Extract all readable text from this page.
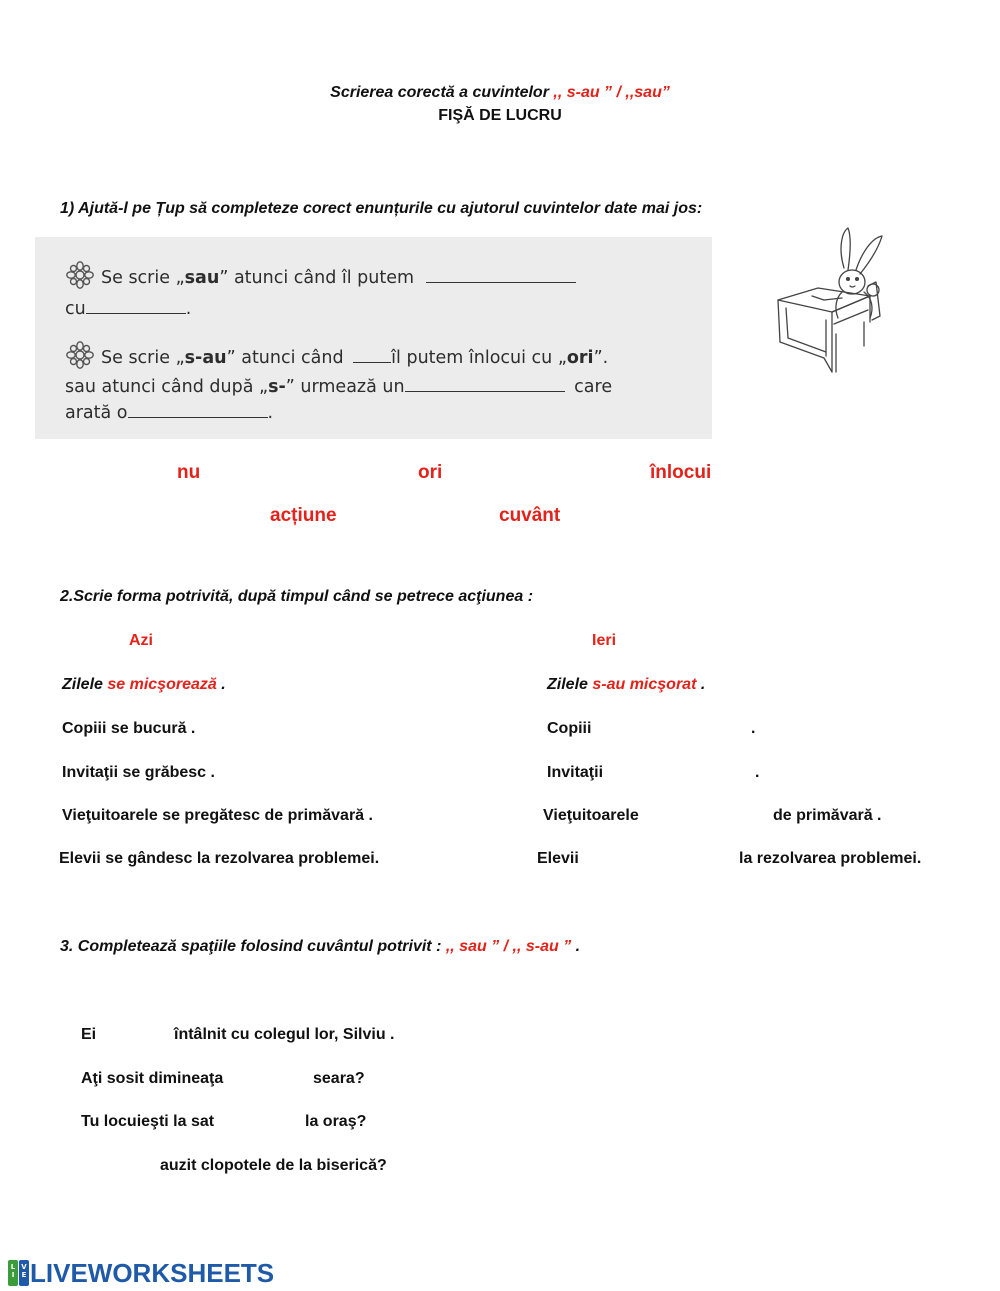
Scrierea corectă a cuvintelor ,, s-au ” / ,,sau”
FIŞĂ DE LUCRU
1) Ajută-l pe Țup să completeze corect enunțurile cu ajutorul cuvintelor date mai jos:
Se scrie „sau” atunci când îl putem
cu	.
Se scrie „s-au” atunci când	îl putem înlocui cu „ori”.
sau atunci când după „s-” urmează un	care
arată o	.
nu	ori	înlocui
acțiune	cuvânt
2.Scrie forma potrivită, după timpul când se petrece acţiunea :
Azi	Ieri
Zilele se micşorează .	Zilele s-au micşorat .
Copiii se bucură .	Copiii	.
Invitaţii se grăbesc .	Invitaţii	.
Vieţuitoarele se pregătesc de primăvară .	Vieţuitoarele	de primăvară .
Elevii se gândesc la rezolvarea problemei.	Elevii	la rezolvarea problemei.
3. Completează spaţiile folosind cuvântul potrivit : ,, sau ” / ,, s-au ” .
Ei	întâlnit cu colegul lor, Silviu .
Aţi sosit dimineaţa	seara?
Tu locuieşti la sat	la oraş?
auzit clopotele de la biserică?
L
I
V
E LIVEWORKSHEETS
